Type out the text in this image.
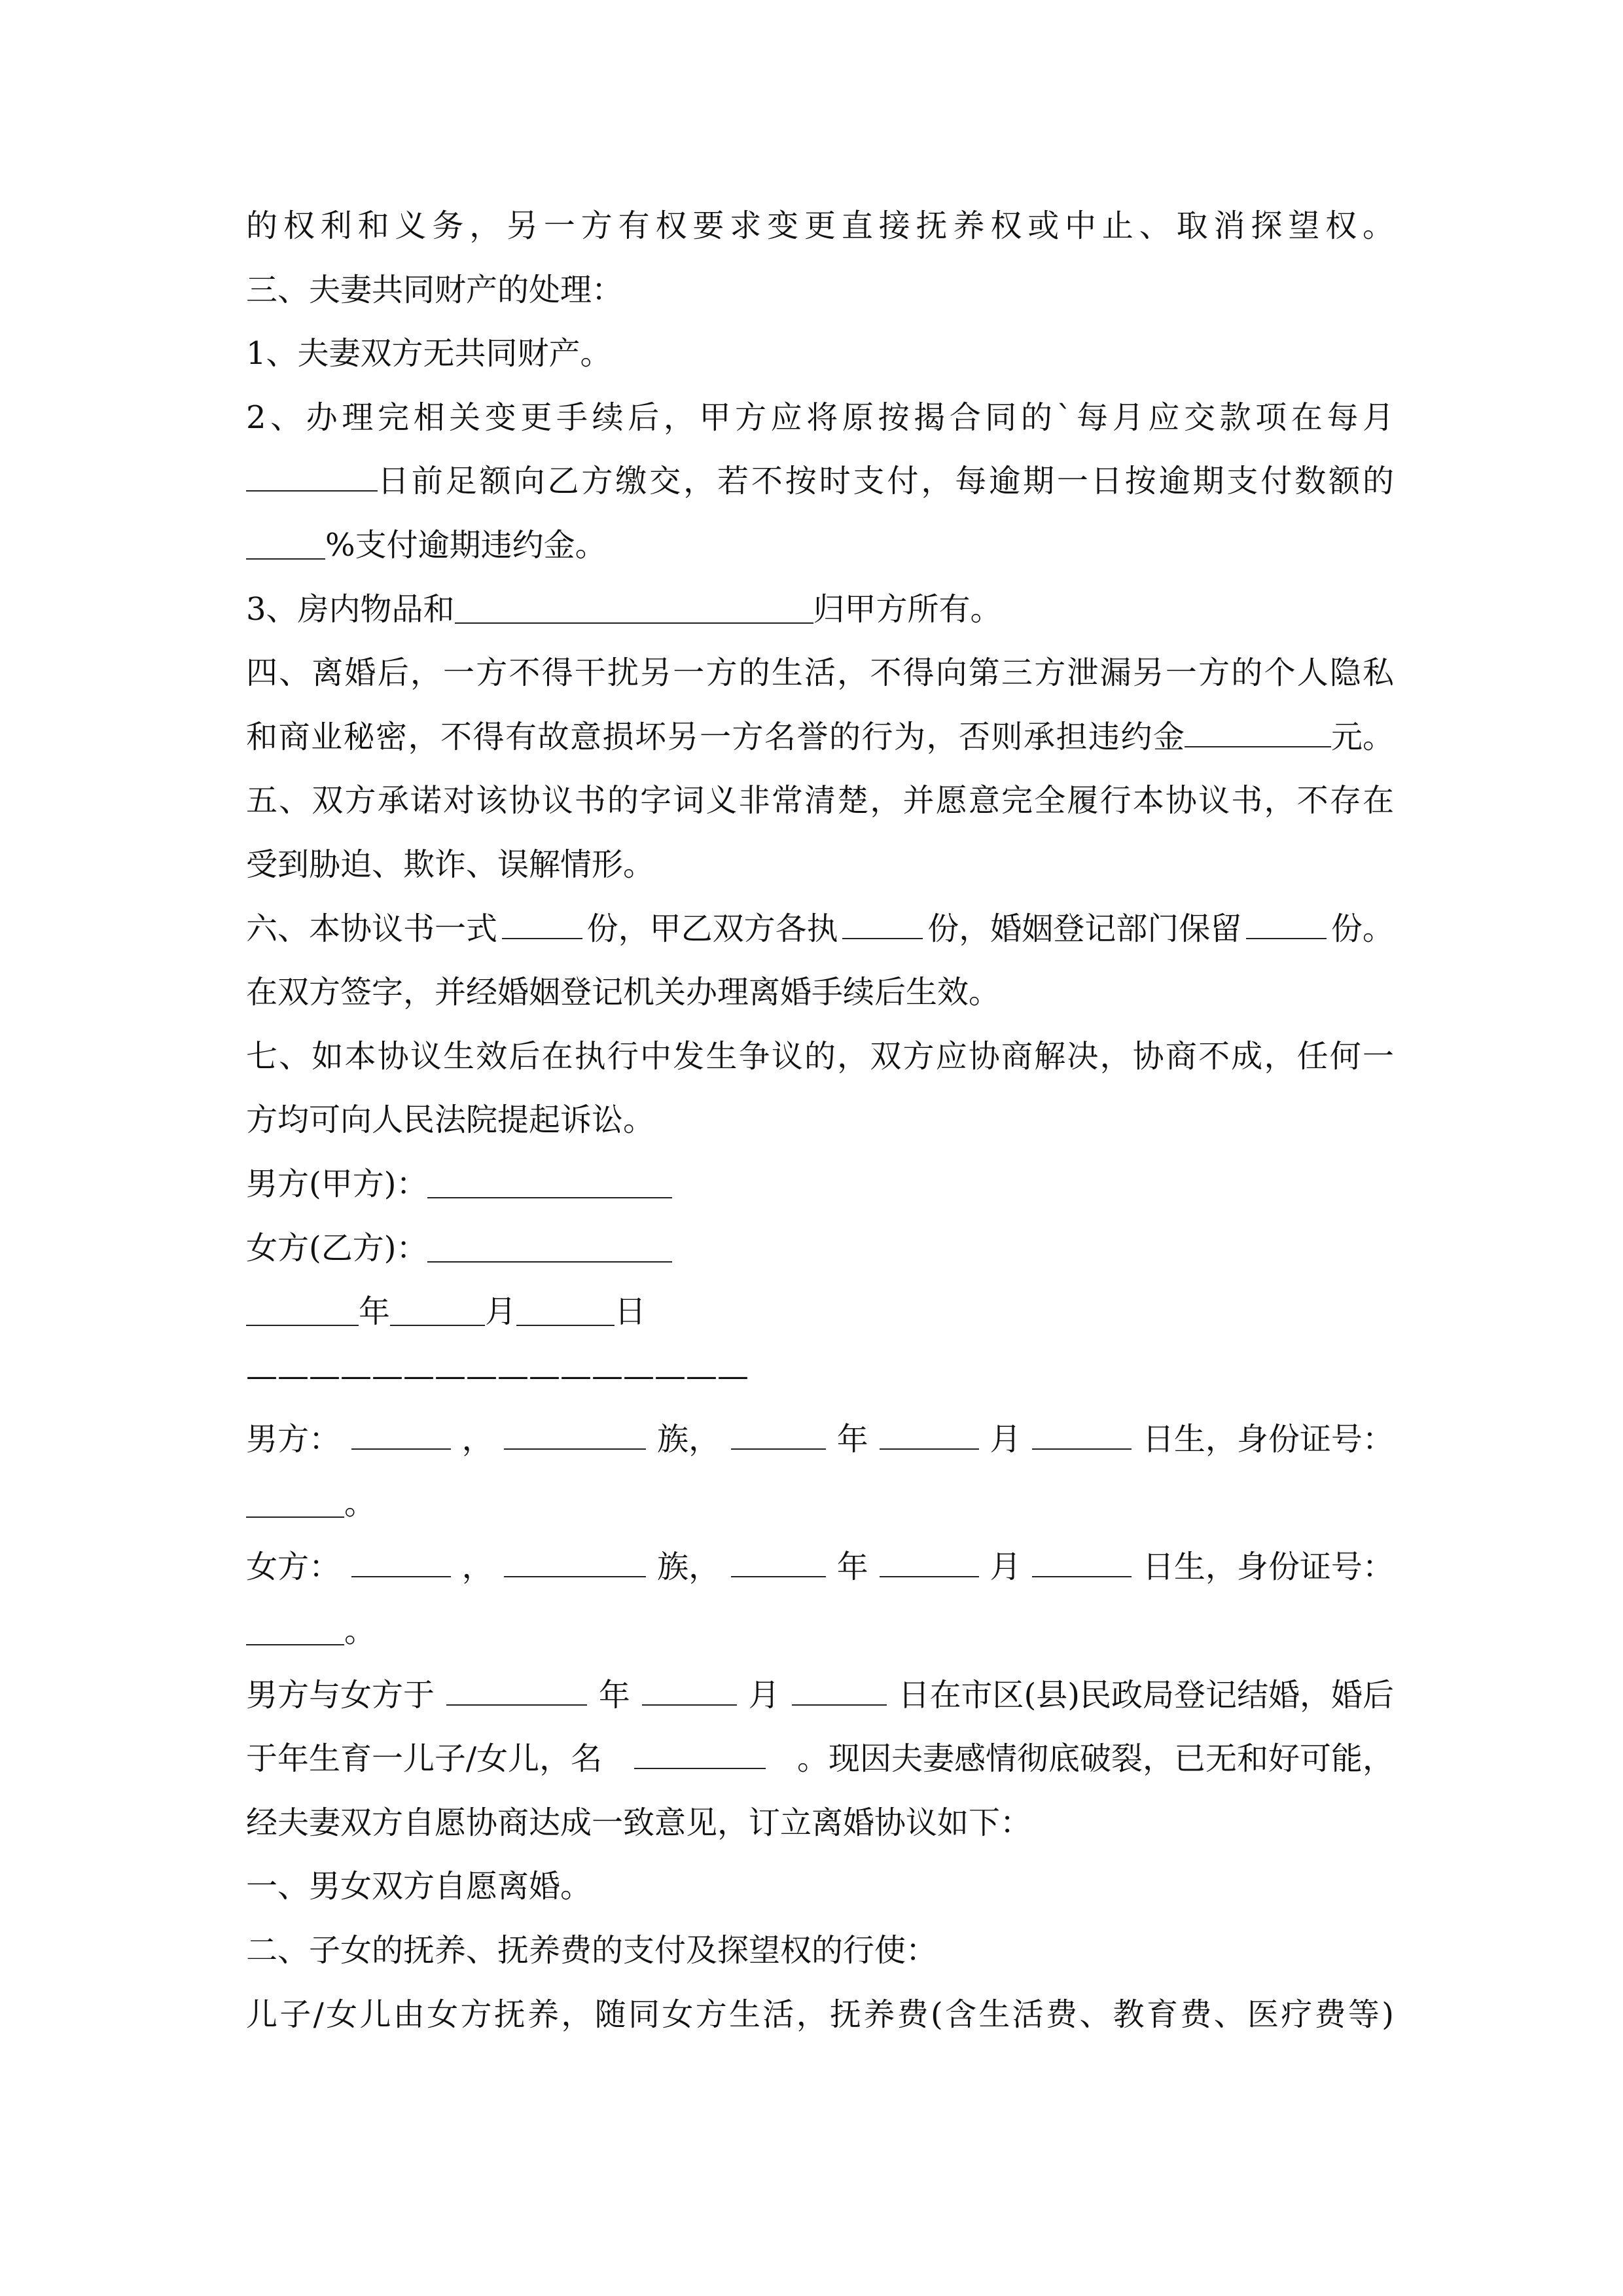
的权利和义务，另一方有权要求变更直接抚养权或中止、取消探望权。
三、夫妻共同财产的处理：
1、夫妻双方无共同财产。
2、办理完相关变更手续后，甲方应将原按揭合同的`每月应交款项在每月
日前足额向乙方缴交，若不按时支付，每逾期一日按逾期支付数额的
%支付逾期违约金。
3、房内物品和	归甲方所有。
四、离婚后，一方不得干扰另一方的生活，不得向第三方泄漏另一方的个人隐私
和商业秘密，不得有故意损坏另一方名誉的行为，否则承担违约金	元。
五、双方承诺对该协议书的字词义非常清楚，并愿意完全履行本协议书，不存在
受到胁迫、欺诈、误解情形。
六、本协议书一式	份，甲乙双方各执	份，婚姻登记部门保留	份。
在双方签字，并经婚姻登记机关办理离婚手续后生效。
七、如本协议生效后在执行中发生争议的，双方应协商解决，协商不成，任何一
方均可向人民法院提起诉讼。
男方(甲方)：
女方(乙方)：
年	月	日
————————————————
男方：	，	族，	年	月	日生，身份证号：
。
女方：	，	族，	年	月	日生，身份证号：
。
男方与女方于	年	月	日在市区(县)民政局登记结婚，婚后
于年生育一儿子/女儿，名	。现因夫妻感情彻底破裂，已无和好可能，
经夫妻双方自愿协商达成一致意见，订立离婚协议如下：
一、男女双方自愿离婚。
二、子女的抚养、抚养费的支付及探望权的行使：
儿子/女儿由女方抚养，随同女方生活，抚养费(含生活费、教育费、医疗费等)
